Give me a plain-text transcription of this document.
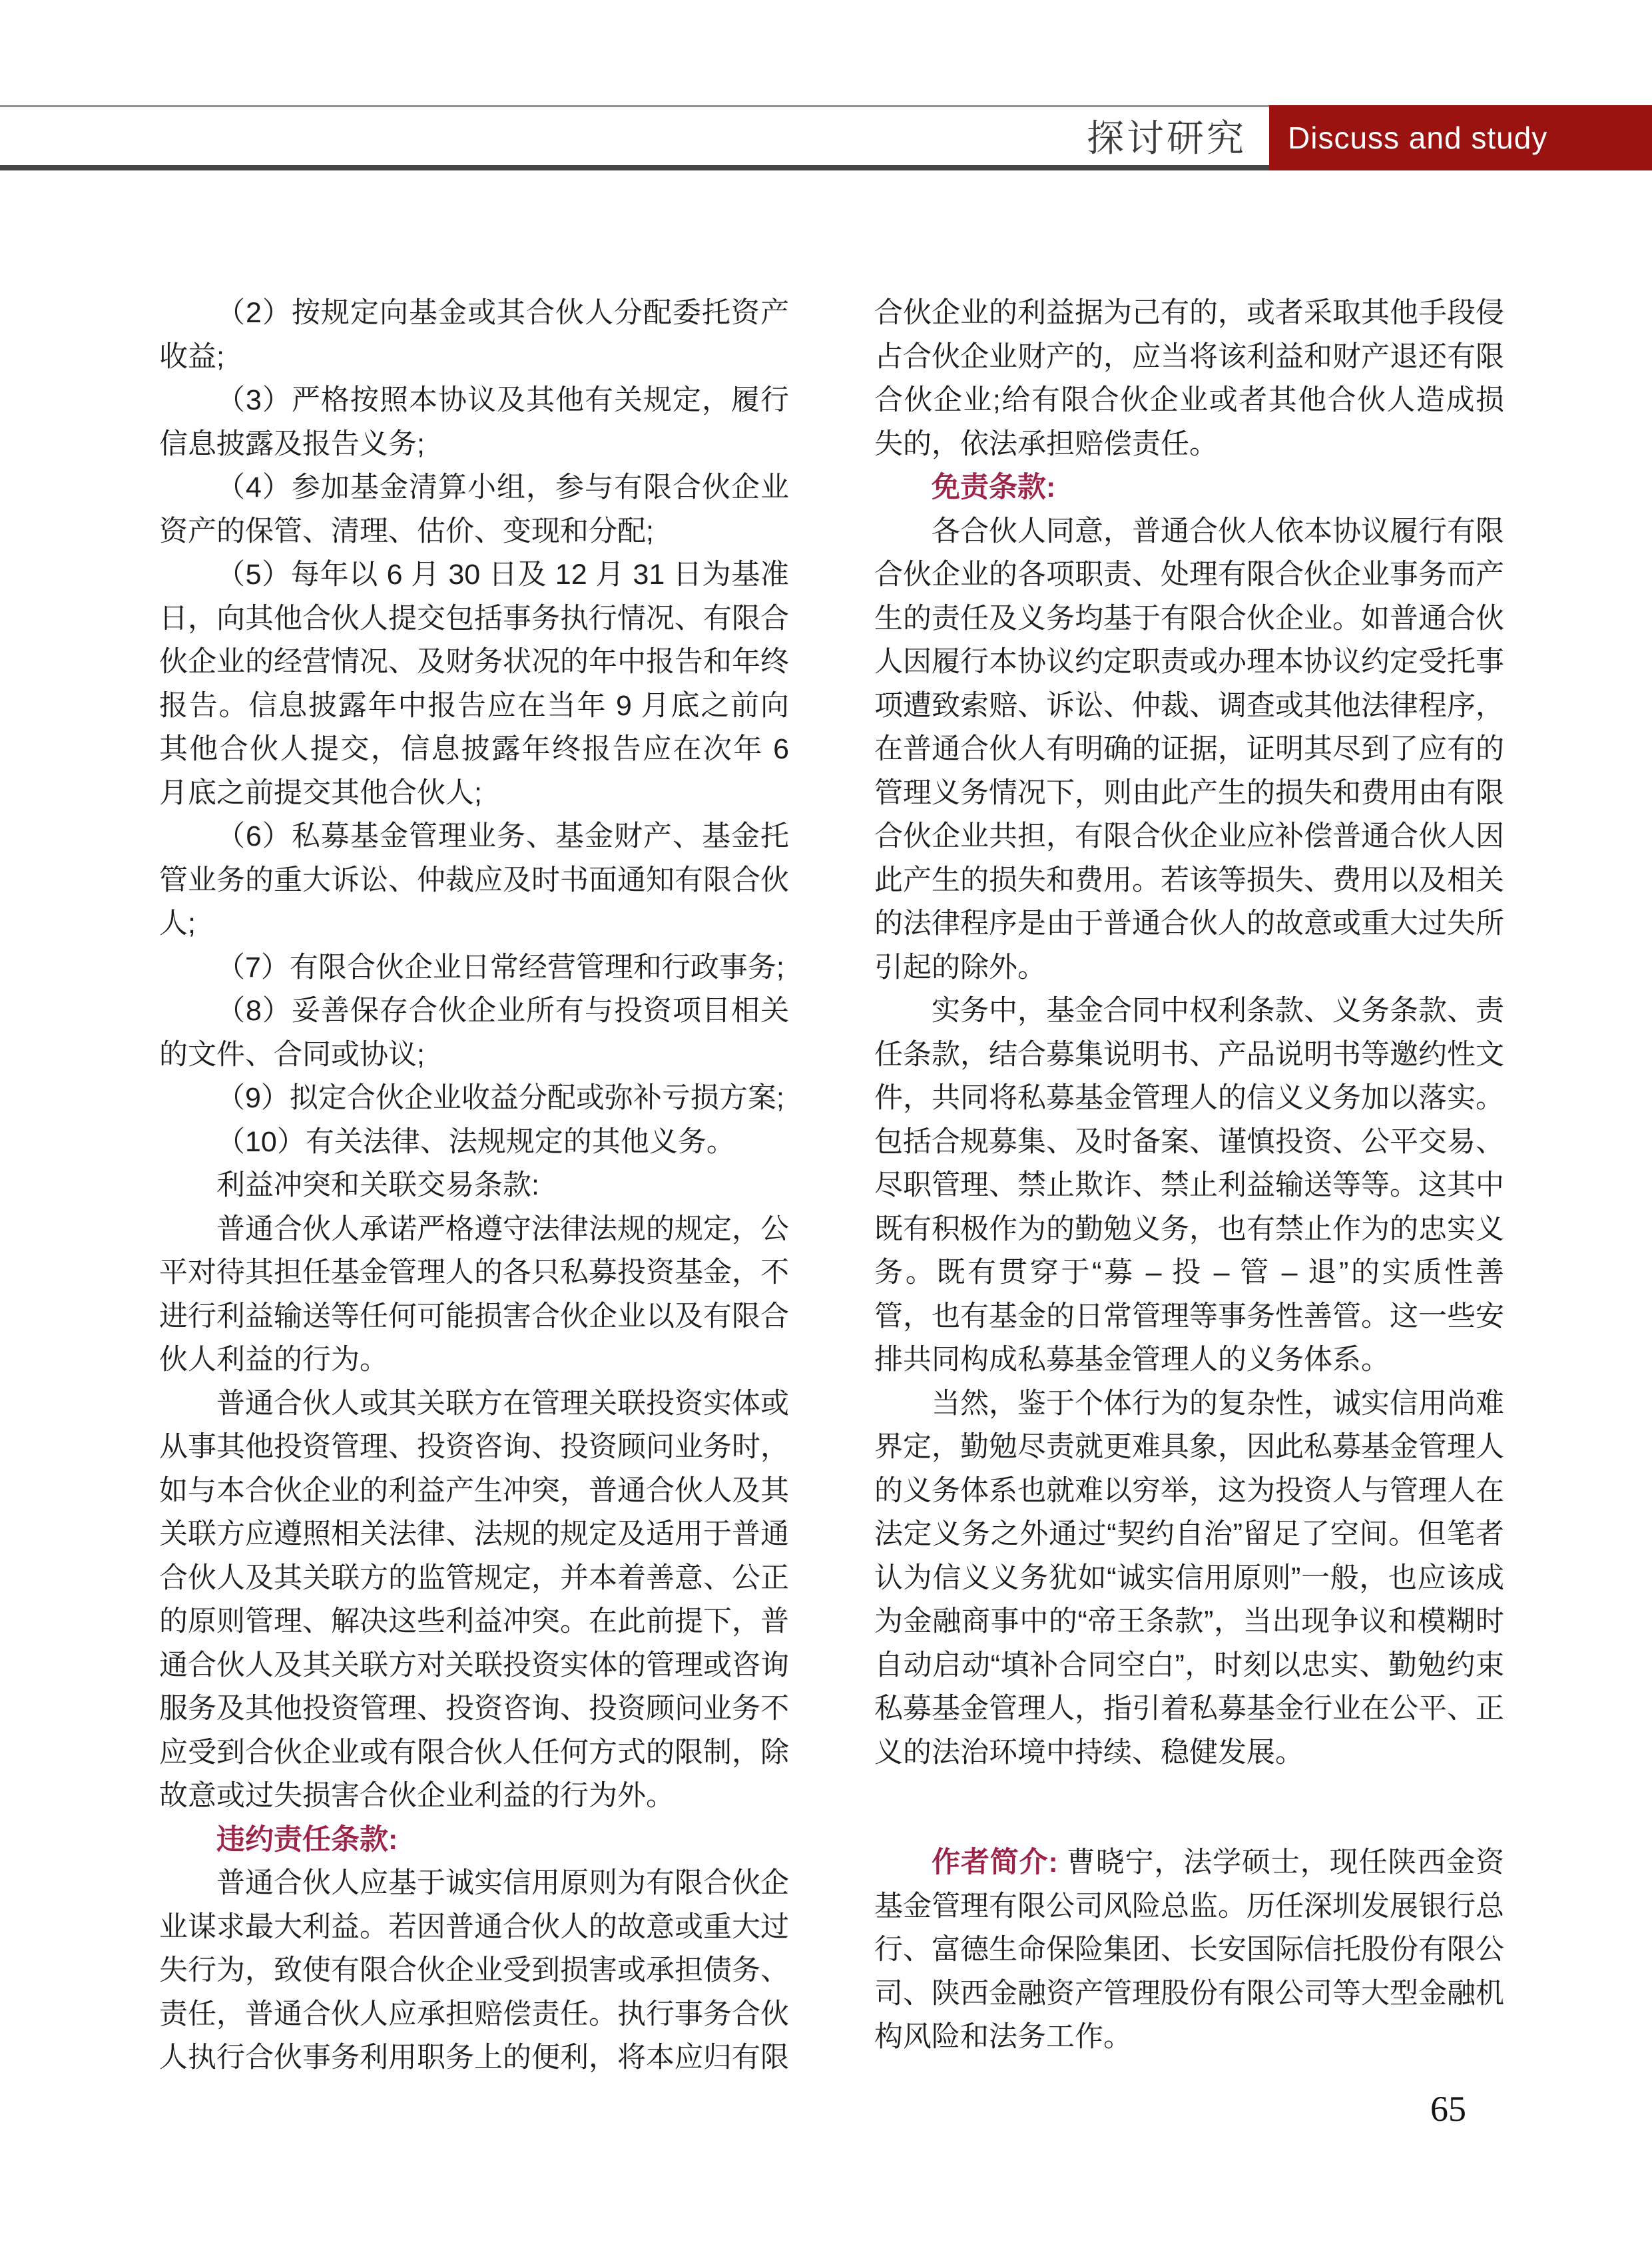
探讨研究 Discuss and study

（2）按规定向基金或其合伙人分配委托资产收益;

（3）严格按照本协议及其他有关规定，履行信息披露及报告义务;

（4）参加基金清算小组，参与有限合伙企业资产的保管、清理、估价、变现和分配;

（5）每年以 6 月 30 日及 12 月 31 日为基准日，向其他合伙人提交包括事务执行情况、有限合伙企业的经营情况、及财务状况的年中报告和年终报告。信息披露年中报告应在当年 9 月底之前向其他合伙人提交，信息披露年终报告应在次年 6 月底之前提交其他合伙人;

（6）私募基金管理业务、基金财产、基金托管业务的重大诉讼、仲裁应及时书面通知有限合伙人;

（7）有限合伙企业日常经营管理和行政事务;

（8）妥善保存合伙企业所有与投资项目相关的文件、合同或协议;

（9）拟定合伙企业收益分配或弥补亏损方案;

（10）有关法律、法规规定的其他义务。

利益冲突和关联交易条款:

普通合伙人承诺严格遵守法律法规的规定，公平对待其担任基金管理人的各只私募投资基金，不进行利益输送等任何可能损害合伙企业以及有限合伙人利益的行为。

普通合伙人或其关联方在管理关联投资实体或从事其他投资管理、投资咨询、投资顾问业务时，如与本合伙企业的利益产生冲突，普通合伙人及其关联方应遵照相关法律、法规的规定及适用于普通合伙人及其关联方的监管规定，并本着善意、公正的原则管理、解决这些利益冲突。在此前提下，普通合伙人及其关联方对关联投资实体的管理或咨询服务及其他投资管理、投资咨询、投资顾问业务不应受到合伙企业或有限合伙人任何方式的限制，除故意或过失损害合伙企业利益的行为外。

违约责任条款:

普通合伙人应基于诚实信用原则为有限合伙企业谋求最大利益。若因普通合伙人的故意或重大过失行为，致使有限合伙企业受到损害或承担债务、责任，普通合伙人应承担赔偿责任。执行事务合伙人执行合伙事务利用职务上的便利，将本应归有限

合伙企业的利益据为己有的，或者采取其他手段侵占合伙企业财产的，应当将该利益和财产退还有限合伙企业;给有限合伙企业或者其他合伙人造成损失的，依法承担赔偿责任。

免责条款:

各合伙人同意，普通合伙人依本协议履行有限合伙企业的各项职责、处理有限合伙企业事务而产生的责任及义务均基于有限合伙企业。如普通合伙人因履行本协议约定职责或办理本协议约定受托事项遭致索赔、诉讼、仲裁、调查或其他法律程序，在普通合伙人有明确的证据，证明其尽到了应有的管理义务情况下，则由此产生的损失和费用由有限合伙企业共担，有限合伙企业应补偿普通合伙人因此产生的损失和费用。若该等损失、费用以及相关的法律程序是由于普通合伙人的故意或重大过失所引起的除外。

实务中，基金合同中权利条款、义务条款、责任条款，结合募集说明书、产品说明书等邀约性文件，共同将私募基金管理人的信义义务加以落实。包括合规募集、及时备案、谨慎投资、公平交易、尽职管理、禁止欺诈、禁止利益输送等等。这其中既有积极作为的勤勉义务，也有禁止作为的忠实义务。既有贯穿于“募 – 投 – 管 – 退”的实质性善管，也有基金的日常管理等事务性善管。这一些安排共同构成私募基金管理人的义务体系。

当然，鉴于个体行为的复杂性，诚实信用尚难界定，勤勉尽责就更难具象，因此私募基金管理人的义务体系也就难以穷举，这为投资人与管理人在法定义务之外通过“契约自治”留足了空间。但笔者认为信义义务犹如“诚实信用原则”一般，也应该成为金融商事中的“帝王条款”，当出现争议和模糊时自动启动“填补合同空白”，时刻以忠实、勤勉约束私募基金管理人，指引着私募基金行业在公平、正义的法治环境中持续、稳健发展。

作者简介: 曹晓宁，法学硕士，现任陕西金资基金管理有限公司风险总监。历任深圳发展银行总行、富德生命保险集团、长安国际信托股份有限公司、陕西金融资产管理股份有限公司等大型金融机构风险和法务工作。

65
